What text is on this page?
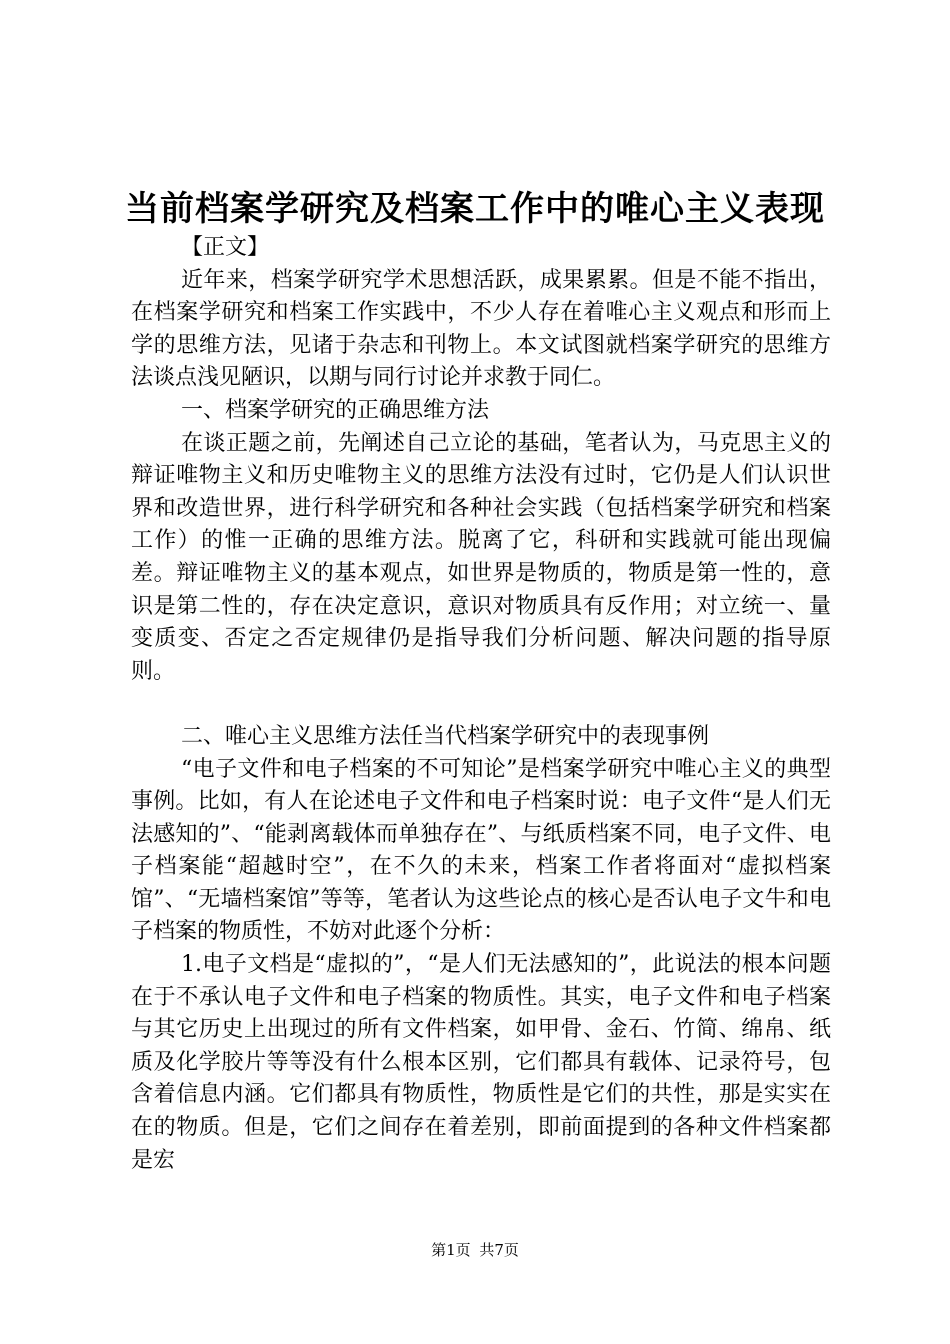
当前档案学研究及档案工作中的唯心主义表现

【正文】

近年来，档案学研究学术思想活跃，成果累累。但是不能不指出，在档案学研究和档案工作实践中，不少人存在着唯心主义观点和形而上学的思维方法，见诸于杂志和刊物上。本文试图就档案学研究的思维方法谈点浅见陋识，以期与同行讨论并求教于同仁。

一、档案学研究的正确思维方法

在谈正题之前，先阐述自己立论的基础，笔者认为，马克思主义的辩证唯物主义和历史唯物主义的思维方法没有过时，它仍是人们认识世界和改造世界，进行科学研究和各种社会实践（包括档案学研究和档案工作）的惟一正确的思维方法。脱离了它，科研和实践就可能出现偏差。辩证唯物主义的基本观点，如世界是物质的，物质是第一性的，意识是第二性的，存在决定意识，意识对物质具有反作用；对立统一、量变质变、否定之否定规律仍是指导我们分析问题、解决问题的指导原则。

二、唯心主义思维方法任当代档案学研究中的表现事例

“电子文件和电子档案的不可知论”是档案学研究中唯心主义的典型事例。比如，有人在论述电子文件和电子档案时说：电子文件“是人们无法感知的”、“能剥离载体而单独存在”、与纸质档案不同，电子文件、电子档案能“超越时空”，在不久的未来，档案工作者将面对“虚拟档案馆”、“无墙档案馆”等等，笔者认为这些论点的核心是否认电子文牛和电子档案的物质性，不妨对此逐个分析：

1.电子文档是“虚拟的”，“是人们无法感知的”，此说法的根本问题在于不承认电子文件和电子档案的物质性。其实，电子文件和电子档案与其它历史上出现过的所有文件档案，如甲骨、金石、竹简、绵帛、纸质及化学胶片等等没有什么根本区别，它们都具有载体、记录符号，包含着信息内涵。它们都具有物质性，物质性是它们的共性，那是实实在在的物质。但是，它们之间存在着差别，即前面提到的各种文件档案都是宏

第1页 共7页
